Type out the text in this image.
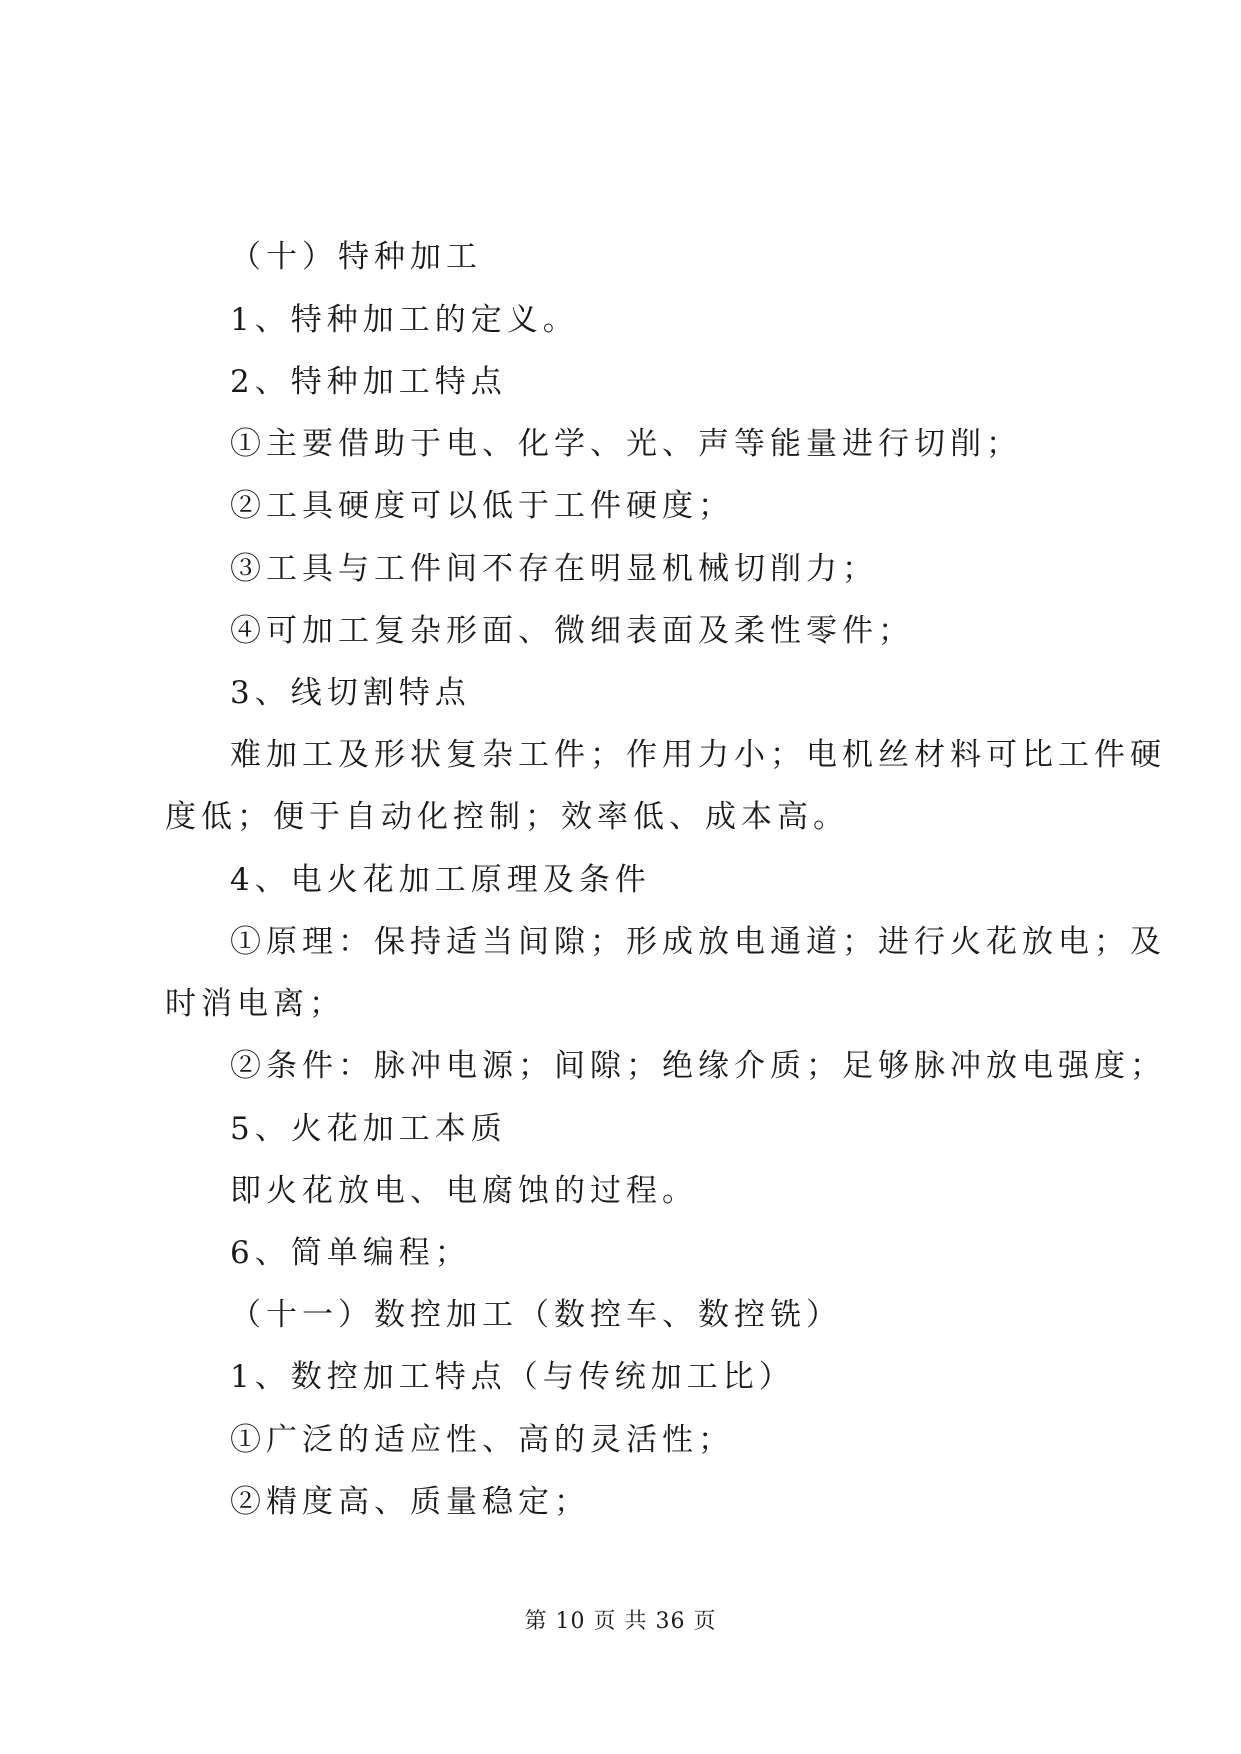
（十）特种加工
1、特种加工的定义。
2、特种加工特点
①主要借助于电、化学、光、声等能量进行切削；
②工具硬度可以低于工件硬度；
③工具与工件间不存在明显机械切削力；
④可加工复杂形面、微细表面及柔性零件；
3、线切割特点
难加工及形状复杂工件；作用力小；电机丝材料可比工件硬
度低；便于自动化控制；效率低、成本高。
4、电火花加工原理及条件
①原理：保持适当间隙；形成放电通道；进行火花放电；及
时消电离；
②条件：脉冲电源；间隙；绝缘介质；足够脉冲放电强度；
5、火花加工本质
即火花放电、电腐蚀的过程。
6、简单编程；
（十一）数控加工（数控车、数控铣）
1、数控加工特点（与传统加工比）
①广泛的适应性、高的灵活性；
②精度高、质量稳定；
第 10 页 共 36 页
